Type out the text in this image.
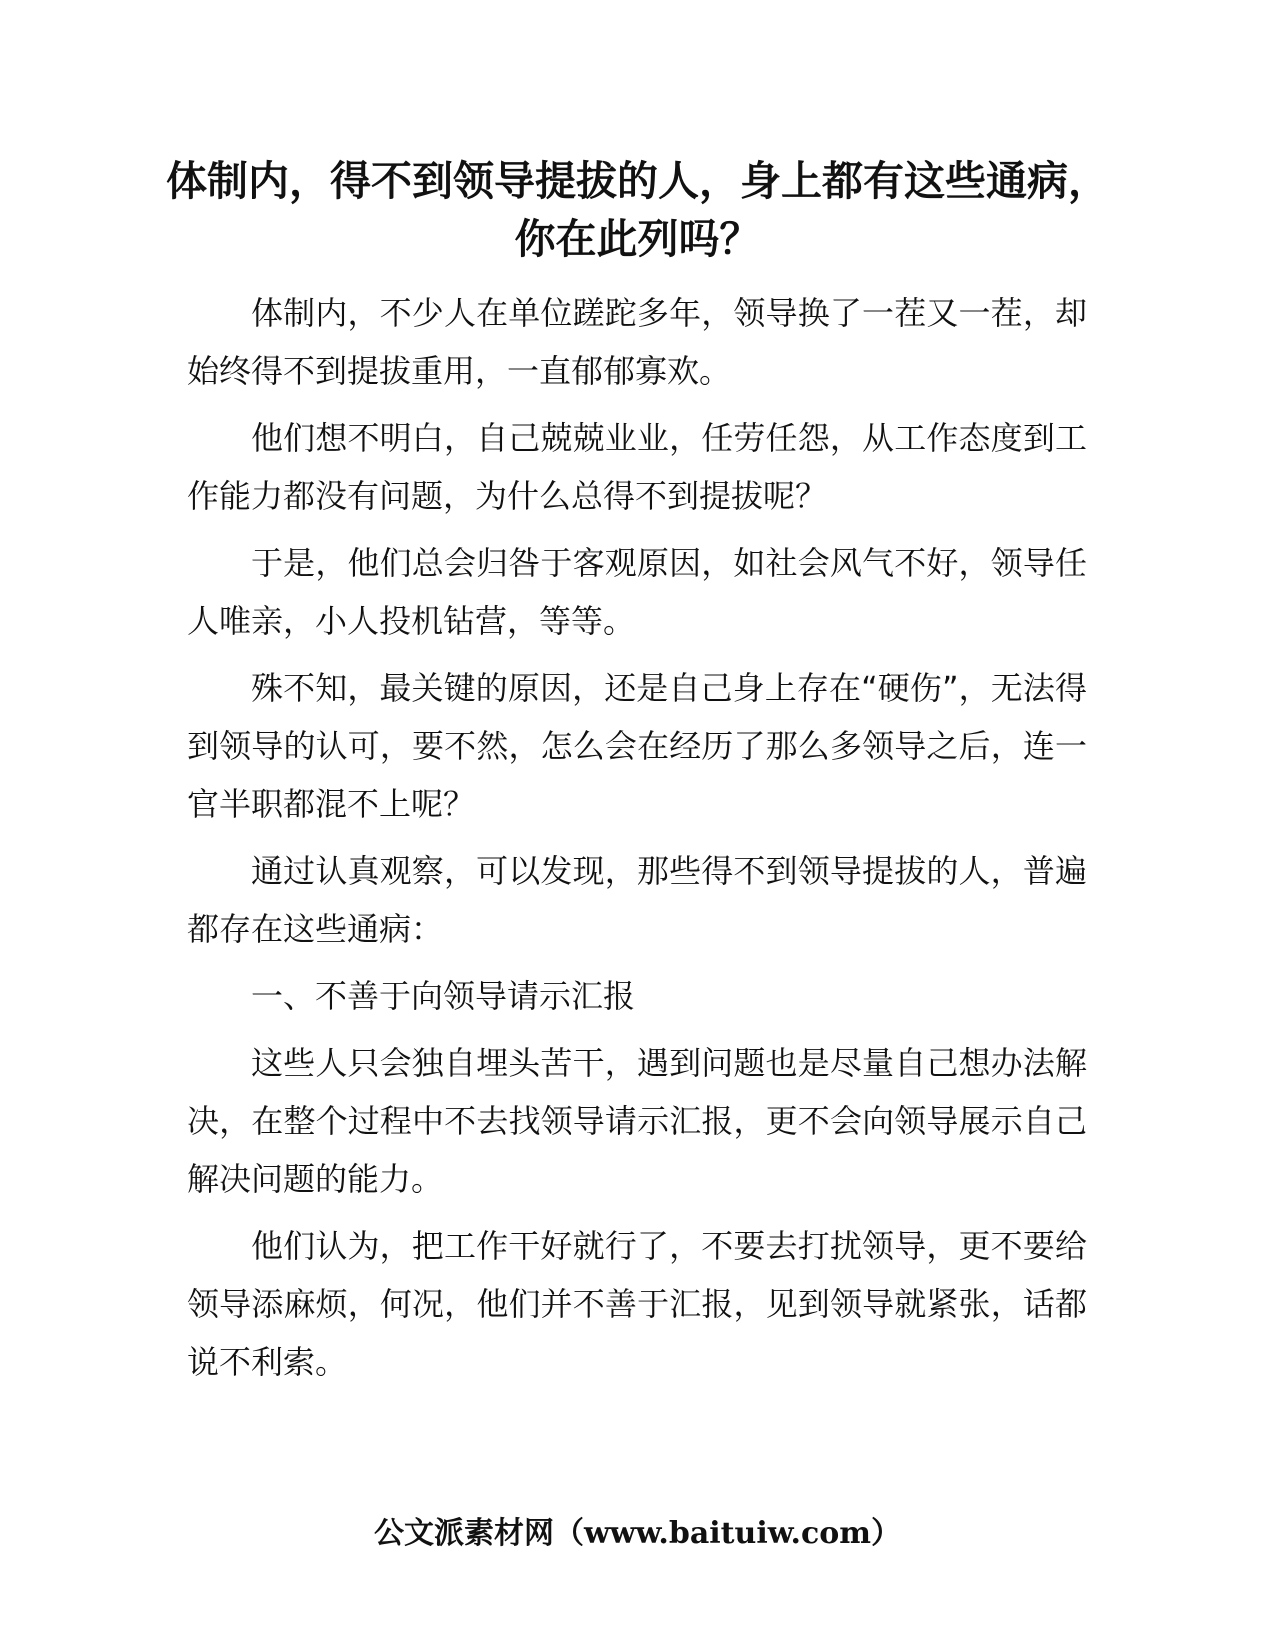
体制内，得不到领导提拔的人，身上都有这些通病，你在此列吗？

体制内，不少人在单位蹉跎多年，领导换了一茬又一茬，却始终得不到提拔重用，一直郁郁寡欢。

他们想不明白，自己兢兢业业，任劳任怨，从工作态度到工作能力都没有问题，为什么总得不到提拔呢？

于是，他们总会归咎于客观原因，如社会风气不好，领导任人唯亲，小人投机钻营，等等。

殊不知，最关键的原因，还是自己身上存在“硬伤”，无法得到领导的认可，要不然，怎么会在经历了那么多领导之后，连一官半职都混不上呢？

通过认真观察，可以发现，那些得不到领导提拔的人，普遍都存在这些通病：

一、不善于向领导请示汇报

这些人只会独自埋头苦干，遇到问题也是尽量自己想办法解决，在整个过程中不去找领导请示汇报，更不会向领导展示自己解决问题的能力。

他们认为，把工作干好就行了，不要去打扰领导，更不要给领导添麻烦，何况，他们并不善于汇报，见到领导就紧张，话都说不利索。

公文派素材网（www.baituiw.com）
